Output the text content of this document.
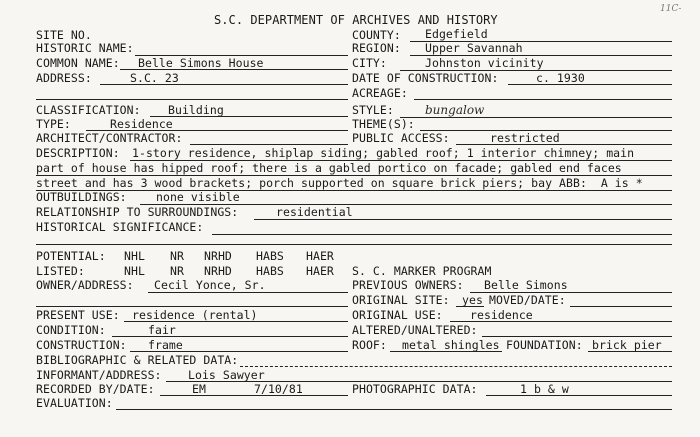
11C-
S.C. DEPARTMENT OF ARCHIVES AND HISTORY
SITE NO.	COUNTY: Edgefield
HISTORIC NAME:	REGION: Upper Savannah
COMMON NAME: Belle Simons House	CITY:	Johnston vicinity
ADDRESS:	S.C. 23	DATE OF CONSTRUCTION:	c. 1930
ACREAGE:
CLASSIFICATION: Building	STYLE:	bungalow
TYPE:	Residence	THEME(S):
ARCHITECT/CONTRACTOR:	PUBLIC ACCESS:	restricted
DESCRIPTION: 1-story residence, shiplap siding; gabled roof; 1 interior chimney; main
part of house has hipped roof; there is a gabled portico on facade; gabled end faces
street and has 3 wood brackets; porch supported on square brick piers; bay ABB:  A is *
OUTBUILDINGS:	none visible
RELATIONSHIP TO SURROUNDINGS:	residential
HISTORICAL SIGNIFICANCE:
POTENTIAL: NHL NR NRHD HABS HAER
LISTED:	NHL NR NRHD HABS HAER S. C. MARKER PROGRAM
OWNER/ADDRESS: Cecil Yonce, Sr.	PREVIOUS OWNERS: Belle Simons
ORIGINAL SITE: yes MOVED/DATE:
PRESENT USE: residence (rental)	ORIGINAL USE: residence
CONDITION:	fair	ALTERED/UNALTERED:
CONSTRUCTION: frame	ROOF: metal shingles FOUNDATION: brick pier
BIBLIOGRAPHIC & RELATED DATA:
INFORMANT/ADDRESS: Lois Sawyer
RECORDED BY/DATE:	EM	7/10/81	PHOTOGRAPHIC DATA:	1 b & w
EVALUATION:
